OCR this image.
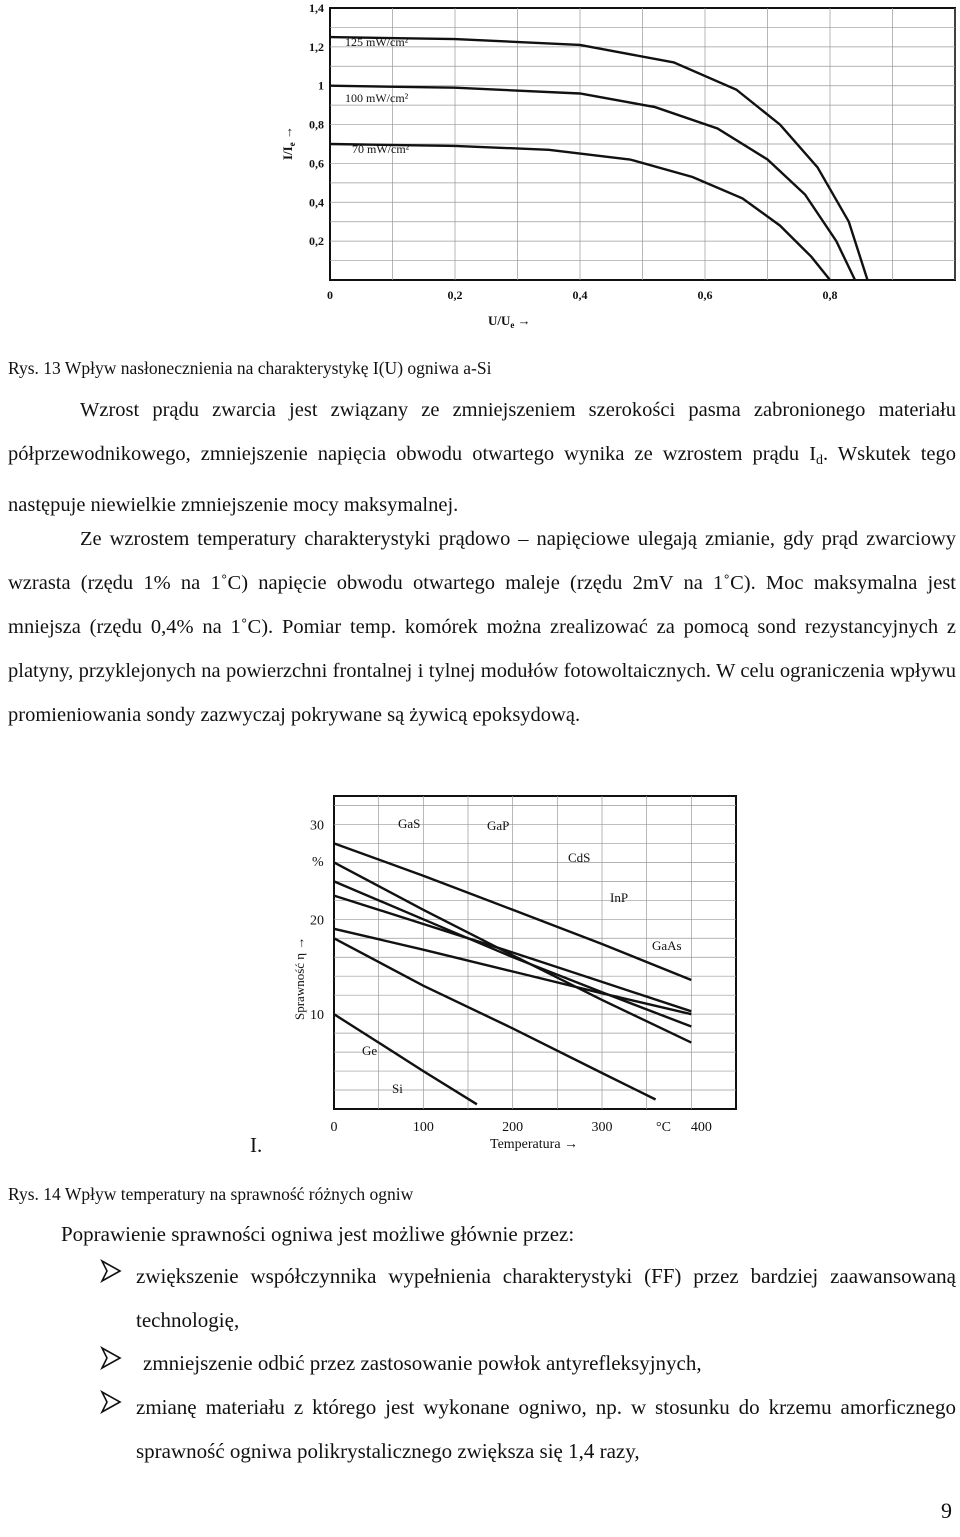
0,2
0,4
0,6
0,8
1
1,2
1,4
0	0,2	0,4	0,6	0,8
$I/I_e$ →
$U/U_e$ →
125 mW/cm²
100 mW/cm²
70 mW/cm²
Rys. 13 Wpływ nasłonecznienia na charakterystykę I(U) ogniwa a-Si

Wzrost prądu zwarcia jest związany ze zmniejszeniem szerokości pasma zabronionego materiału półprzewodnikowego, zmniejszenie napięcia obwodu otwartego wynika ze wzrostem prądu $I_d$. Wskutek tego następuje niewielkie zmniejszenie mocy maksymalnej.

Ze wzrostem temperatury charakterystyki prądowo – napięciowe ulegają zmianie, gdy prąd zwarciowy wzrasta (rzędu 1% na 1˚C) napięcie obwodu otwartego maleje (rzędu 2mV na 1˚C). Moc maksymalna jest mniejsza (rzędu 0,4% na 1˚C). Pomiar temp. komórek można zrealizować za pomocą sond rezystancyjnych z platyny, przyklejonych na powierzchni frontalnej i tylnej modułów fotowoltaicznych. W celu ograniczenia wpływu promieniowania sondy zazwyczaj pokrywane są żywicą epoksydową.

10
20
30
0	100	200	300	400
%
Sprawność η →
°C
Temperatura →
GaS	GaP
CdS
InP
GaAs
Ge
Si
I.
Rys. 14 Wpływ temperatury na sprawność różnych ogniw
Poprawienie sprawności ogniwa jest możliwe głównie przez:
zwiększenie współczynnika wypełnienia charakterystyki (FF) przez bardziej zaawansowaną technologię,
zmniejszenie odbić przez zastosowanie powłok antyrefleksyjnych,
zmianę materiału z którego jest wykonane ogniwo, np. w stosunku do krzemu amorficznego sprawność ogniwa polikrystalicznego zwiększa się 1,4 razy,
9
